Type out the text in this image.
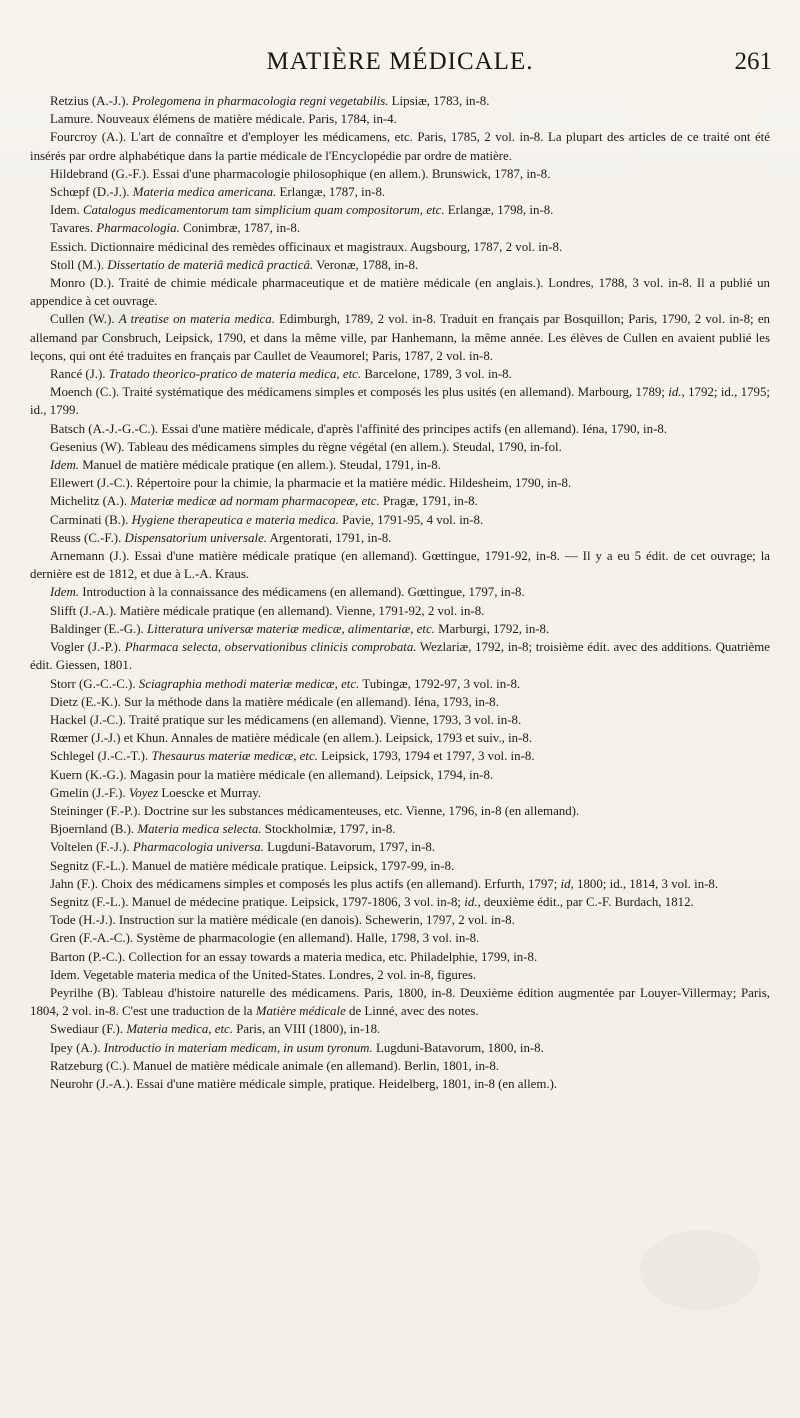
MATIÈRE MÉDICALE.	261

Retzius (A.-J.). Prolegomena in pharmacologia regni vegetabilis. Lipsiæ, 1783, in-8.

Lamure. Nouveaux élémens de matière médicale. Paris, 1784, in-4.

Fourcroy (A.). L'art de connaître et d'employer les médicamens, etc. Paris, 1785, 2 vol. in-8. La plupart des articles de ce traité ont été insérés par ordre alphabétique dans la partie médicale de l'Encyclopédie par ordre de matière.

Hildebrand (G.-F.). Essai d'une pharmacologie philosophique (en allem.). Brunswick, 1787, in-8.

Schœpf (D.-J.). Materia medica americana. Erlangæ, 1787, in-8.

Idem. Catalogus medicamentorum tam simplicium quam compositorum, etc. Erlangæ, 1798, in-8.

Tavares. Pharmacologia. Conimbræ, 1787, in-8.

Essich. Dictionnaire médicinal des remèdes officinaux et magistraux. Augsbourg, 1787, 2 vol. in-8.

Stoll (M.). Dissertatio de materiâ medicâ practicâ. Veronæ, 1788, in-8.

Monro (D.). Traité de chimie médicale pharmaceutique et de matière médicale (en anglais.). Londres, 1788, 3 vol. in-8. Il a publié un appendice à cet ouvrage.

Cullen (W.). A treatise on materia medica. Edimburgh, 1789, 2 vol. in-8. Traduit en français par Bosquillon; Paris, 1790, 2 vol. in-8; en allemand par Consbruch, Leipsick, 1790, et dans la même ville, par Hanhemann, la même année. Les élèves de Cullen en avaient publié les leçons, qui ont été traduites en français par Caullet de Veaumorel; Paris, 1787, 2 vol. in-8.

Rancé (J.). Tratado theorico-pratico de materia medica, etc. Barcelone, 1789, 3 vol. in-8.

Moench (C.). Traité systématique des médicamens simples et composés les plus usités (en allemand). Marbourg, 1789; id., 1792; id., 1795; id., 1799.

Batsch (A.-J.-G.-C.). Essai d'une matière médicale, d'après l'affinité des principes actifs (en allemand). Iéna, 1790, in-8.

Gesenius (W). Tableau des médicamens simples du règne végétal (en allem.). Steudal, 1790, in-fol.

Idem. Manuel de matière médicale pratique (en allem.). Steudal, 1791, in-8.

Ellewert (J.-C.). Répertoire pour la chimie, la pharmacie et la matière médic. Hildesheim, 1790, in-8.

Michelitz (A.). Materiæ medicæ ad normam pharmacopeæ, etc. Pragæ, 1791, in-8.

Carminati (B.). Hygiene therapeutica e materia medica. Pavie, 1791-95, 4 vol. in-8.

Reuss (C.-F.). Dispensatorium universale. Argentorati, 1791, in-8.

Arnemann (J.). Essai d'une matière médicale pratique (en allemand). Gœttingue, 1791-92, in-8. — Il y a eu 5 édit. de cet ouvrage; la dernière est de 1812, et due à L.-A. Kraus.

Idem. Introduction à la connaissance des médicamens (en allemand). Gœttingue, 1797, in-8.

Slifft (J.-A.). Matière médicale pratique (en allemand). Vienne, 1791-92, 2 vol. in-8.

Baldinger (E.-G.). Litteratura universæ materiæ medicæ, alimentariæ, etc. Marburgi, 1792, in-8.

Vogler (J.-P.). Pharmaca selecta, observationibus clinicis comprobata. Wezlariæ, 1792, in-8; troisième édit. avec des additions. Quatrième édit. Giessen, 1801.

Storr (G.-C.-C.). Sciagraphia methodi materiæ medicæ, etc. Tubingæ, 1792-97, 3 vol. in-8.

Dietz (E.-K.). Sur la méthode dans la matière médicale (en allemand). Iéna, 1793, in-8.

Hackel (J.-C.). Traité pratique sur les médicamens (en allemand). Vienne, 1793, 3 vol. in-8.

Rœmer (J.-J.) et Khun. Annales de matière médicale (en allem.). Leipsick, 1793 et suiv., in-8.

Schlegel (J.-C.-T.). Thesaurus materiæ medicæ, etc. Leipsick, 1793, 1794 et 1797, 3 vol. in-8.

Kuern (K.-G.). Magasin pour la matière médicale (en allemand). Leipsick, 1794, in-8.

Gmelin (J.-F.). Voyez Loescke et Murray.

Steininger (F.-P.). Doctrine sur les substances médicamenteuses, etc. Vienne, 1796, in-8 (en allemand).

Bjoernland (B.). Materia medica selecta. Stockholmiæ, 1797, in-8.

Voltelen (F.-J.). Pharmacologia universa. Lugduni-Batavorum, 1797, in-8.

Segnitz (F.-L.). Manuel de matière médicale pratique. Leipsick, 1797-99, in-8.

Jahn (F.). Choix des médicamens simples et composés les plus actifs (en allemand). Erfurth, 1797; id, 1800; id., 1814, 3 vol. in-8.

Segnitz (F.-L.). Manuel de médecine pratique. Leipsick, 1797-1806, 3 vol. in-8; id., deuxième édit., par C.-F. Burdach, 1812.

Tode (H.-J.). Instruction sur la matière médicale (en danois). Schewerin, 1797, 2 vol. in-8.

Gren (F.-A.-C.). Système de pharmacologie (en allemand). Halle, 1798, 3 vol. in-8.

Barton (P.-C.). Collection for an essay towards a materia medica, etc. Philadelphie, 1799, in-8.

Idem. Vegetable materia medica of the United-States. Londres, 2 vol. in-8, figures.

Peyrilhe (B). Tableau d'histoire naturelle des médicamens. Paris, 1800, in-8. Deuxième édition augmentée par Louyer-Villermay; Paris, 1804, 2 vol. in-8. C'est une traduction de la Matière médicale de Linné, avec des notes.

Swediaur (F.). Materia medica, etc. Paris, an VIII (1800), in-18.

Ipey (A.). Introductio in materiam medicam, in usum tyronum. Lugduni-Batavorum, 1800, in-8.

Ratzeburg (C.). Manuel de matière médicale animale (en allemand). Berlin, 1801, in-8.

Neurohr (J.-A.). Essai d'une matière médicale simple, pratique. Heidelberg, 1801, in-8 (en allem.).
